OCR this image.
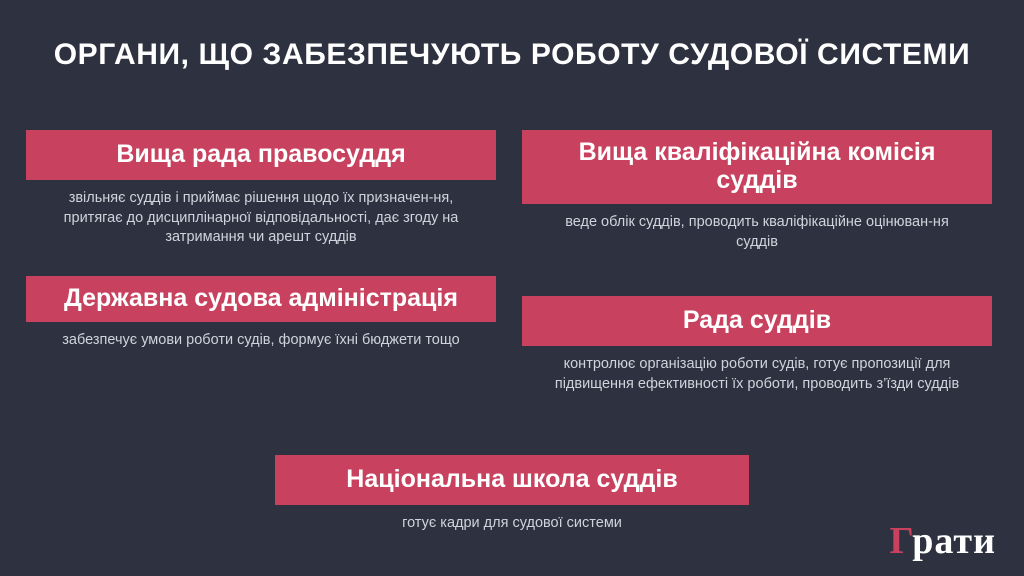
ОРГАНИ, ЩО ЗАБЕЗПЕЧУЮТЬ РОБОТУ СУДОВОЇ СИСТЕМИ
Вища рада правосуддя
звільняє суддів і приймає рішення щодо їх призначен-ня, притягає до дисциплінарної відповідальності, дає згоду на затримання чи арешт суддів
Державна судова адміністрація
забезпечує умови роботи судів, формує їхні бюджети тощо
Вища кваліфікаційна комісія суддів
веде облік суддів, проводить кваліфікаційне оцінюван-ня суддів
Рада суддів
контролює організацію роботи судів, готує пропозиції для підвищення ефективності їх роботи, проводить з’їзди суддів
Національна школа суддів
готує кадри для судової системи	Грати
